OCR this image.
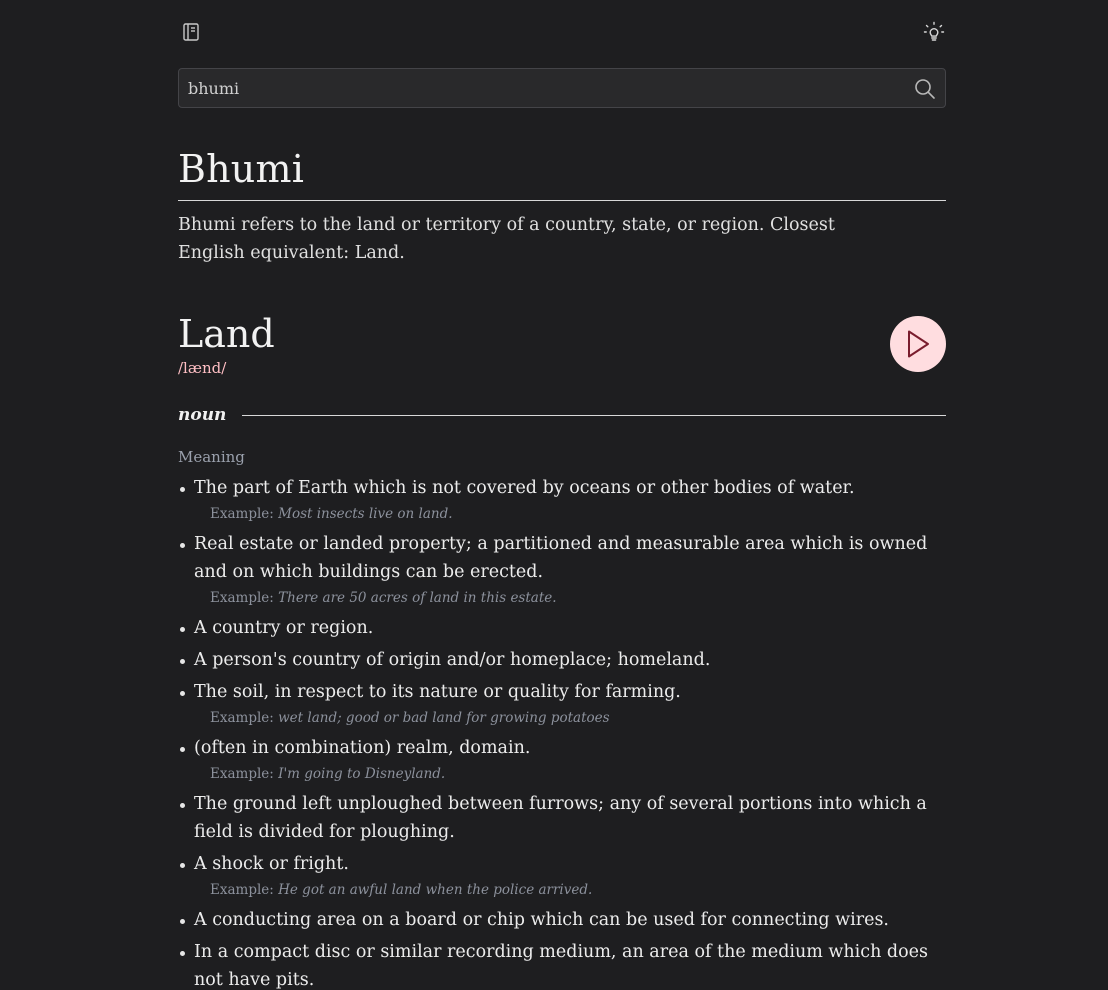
bhumi
Bhumi

Bhumi refers to the land or territory of a country, state, or region. Closest English equivalent: Land.

Land
/lænd/
noun
Meaning
The part of Earth which is not covered by oceans or other bodies of water.
Example: Most insects live on land.
Real estate or landed property; a partitioned and measurable area which is owned and on which buildings can be erected.
Example: There are 50 acres of land in this estate.
A country or region.
A person's country of origin and/or homeplace; homeland.
The soil, in respect to its nature or quality for farming.
Example: wet land; good or bad land for growing potatoes
(often in combination) realm, domain.
Example: I'm going to Disneyland.
The ground left unploughed between furrows; any of several portions into which a field is divided for ploughing.
A shock or fright.
Example: He got an awful land when the police arrived.
A conducting area on a board or chip which can be used for connecting wires.
In a compact disc or similar recording medium, an area of the medium which does not have pits.
